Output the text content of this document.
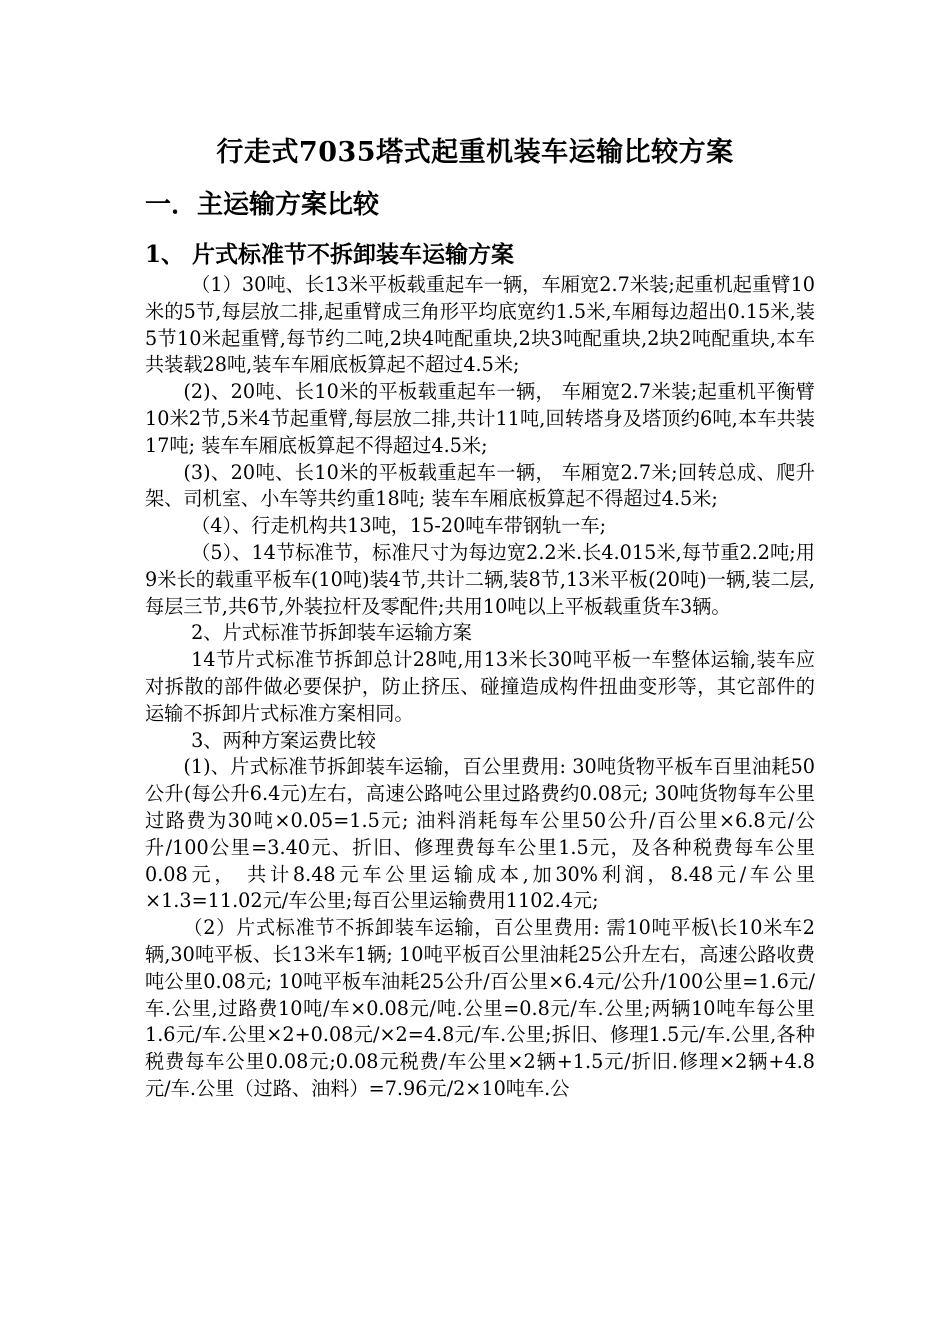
行走式7035塔式起重机装车运输比较方案
一．主运输方案比较
1、 片式标准节不拆卸装车运输方案

（1）30吨、长13米平板载重起车一辆，车厢宽2.7米装;起重机起重臂10米的5节,每层放二排,起重臂成三角形平均底宽约1.5米,车厢每边超出0.15米,装5节10米起重臂,每节约二吨,2块4吨配重块,2块3吨配重块,2块2吨配重块,本车共装载28吨,装车车厢底板算起不超过4.5米;

(2)、20吨、长10米的平板载重起车一辆， 车厢宽2.7米装;起重机平衡臂10米2节,5米4节起重臂,每层放二排,共计11吨,回转塔身及塔顶约6吨,本车共装17吨; 装车车厢底板算起不得超过4.5米;

(3)、20吨、长10米的平板载重起车一辆， 车厢宽2.7米;回转总成、爬升架、司机室、小车等共约重18吨; 装车车厢底板算起不得超过4.5米;

（4）、行走机构共13吨，15-20吨车带钢轨一车;

（5）、14节标准节，标准尺寸为每边宽2.2米.长4.015米,每节重2.2吨;用9米长的载重平板车(10吨)装4节,共计二辆,装8节,13米平板(20吨)一辆,装二层,每层三节,共6节,外装拉杆及零配件;共用10吨以上平板载重货车3辆。

2、片式标准节拆卸装车运输方案

14节片式标准节拆卸总计28吨,用13米长30吨平板一车整体运输,装车应对拆散的部件做必要保护，防止挤压、碰撞造成构件扭曲变形等，其它部件的运输不拆卸片式标准方案相同。

3、两种方案运费比较

(1)、片式标准节拆卸装车运输，百公里费用: 30吨货物平板车百里油耗50公升(每公升6.4元)左右，高速公路吨公里过路费约0.08元; 30吨货物每车公里过路费为30吨×0.05=1.5元; 油料消耗每车公里50公升/百公里×6.8元/公升/100公里=3.40元、折旧、修理费每车公里1.5元，及各种税费每车公里0.08元， 共计8.48元车公里运输成本,加30%利润，8.48元/车公里×1.3=11.02元/车公里;每百公里运输费用1102.4元;

（2）片式标准节不拆卸装车运输，百公里费用: 需10吨平板\长10米车2辆,30吨平板、长13米车1辆; 10吨平板百公里油耗25公升左右，高速公路收费吨公里0.08元; 10吨平板车油耗25公升/百公里×6.4元/公升/100公里=1.6元/车.公里,过路费10吨/车×0.08元/吨.公里=0.8元/车.公里;两辆10吨车每公里1.6元/车.公里×2+0.08元/×2=4.8元/车.公里;拆旧、修理1.5元/车.公里,各种税费每车公里0.08元;0.08元税费/车公里×2辆+1.5元/折旧.修理×2辆+4.8元/车.公里（过路、油料）=7.96元/2×10吨车.公
